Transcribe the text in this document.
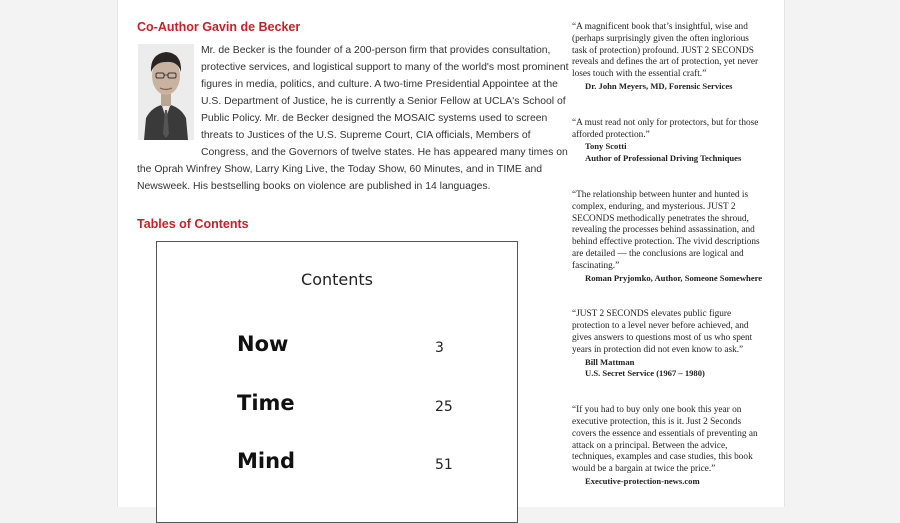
Co-Author Gavin de Becker
Mr. de Becker is the founder of a 200-person firm that provides consultation,
protective services, and logistical support to many of the world's most prominent
figures in media, politics, and culture. A two-time Presidential Appointee at the
U.S. Department of Justice, he is currently a Senior Fellow at UCLA's School of
Public Policy. Mr. de Becker designed the MOSAIC systems used to screen
threats to Justices of the U.S. Supreme Court, CIA officials, Members of
Congress, and the Governors of twelve states. He has appeared many times on
the Oprah Winfrey Show, Larry King Live, the Today Show, 60 Minutes, and in TIME and
Newsweek. His bestselling books on violence are published in 14 languages.
Tables of Contents
Contents
Now	3
Time	25
Mind	51
“A magnificent book that’s insightful, wise and
(perhaps surprisingly given the often inglorious
task of protection) profound. JUST 2 SECONDS
reveals and defines the art of protection, yet never
loses touch with the essential craft.”
Dr. John Meyers, MD, Forensic Services
“A must read not only for protectors, but for those
afforded protection.”
Tony Scotti
Author of Professional Driving Techniques
“The relationship between hunter and hunted is
complex, enduring, and mysterious. JUST 2
SECONDS methodically penetrates the shroud,
revealing the processes behind assassination, and
behind effective protection. The vivid descriptions
are detailed — the conclusions are logical and
fascinating.”
Roman Pryjomko, Author, Someone Somewhere
“JUST 2 SECONDS elevates public figure
protection to a level never before achieved, and
gives answers to questions most of us who spent
years in protection did not even know to ask.”
Bill Mattman
U.S. Secret Service (1967 – 1980)
“If you had to buy only one book this year on
executive protection, this is it. Just 2 Seconds
covers the essence and essentials of preventing an
attack on a principal. Between the advice,
techniques, examples and case studies, this book
would be a bargain at twice the price.”
Executive-protection-news.com
